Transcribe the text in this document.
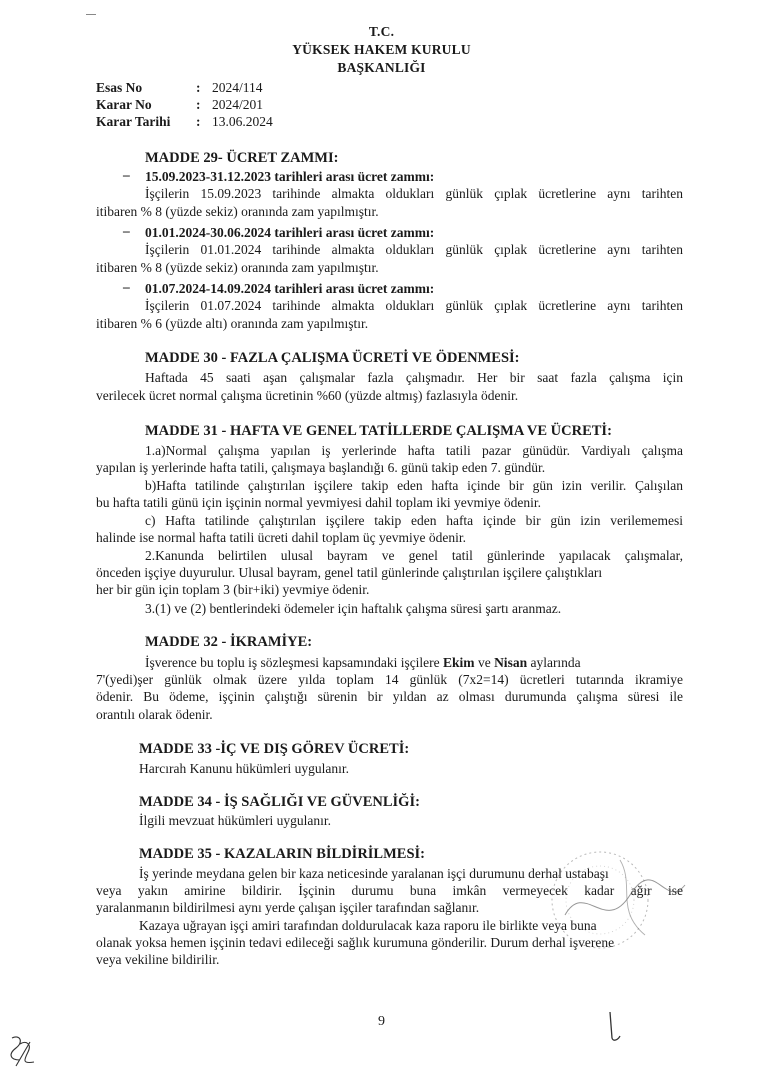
T.C.
YÜKSEK HAKEM KURULU
BAŞKANLIĞI
Esas No	: 2024/114
Karar No	: 2024/201
Karar Tarihi : 13.06.2024
MADDE 29- ÜCRET ZAMMI:
– 15.09.2023-31.12.2023 tarihleri arası ücret zammı:
İşçilerin 15.09.2023 tarihinde almakta oldukları günlük çıplak ücretlerine aynı tarihten
itibaren % 8 (yüzde sekiz) oranında zam yapılmıştır.
– 01.01.2024-30.06.2024 tarihleri arası ücret zammı:
İşçilerin 01.01.2024 tarihinde almakta oldukları günlük çıplak ücretlerine aynı tarihten
itibaren % 8 (yüzde sekiz) oranında zam yapılmıştır.
– 01.07.2024-14.09.2024 tarihleri arası ücret zammı:
İşçilerin 01.07.2024 tarihinde almakta oldukları günlük çıplak ücretlerine aynı tarihten
itibaren % 6 (yüzde altı) oranında zam yapılmıştır.
MADDE 30 - FAZLA ÇALIŞMA ÜCRETİ VE ÖDENMESİ:
Haftada 45 saati aşan çalışmalar fazla çalışmadır. Her bir saat fazla çalışma için
verilecek ücret normal çalışma ücretinin %60 (yüzde altmış) fazlasıyla ödenir.
MADDE 31 - HAFTA VE GENEL TATİLLERDE ÇALIŞMA VE ÜCRETİ:
1.a)Normal çalışma yapılan iş yerlerinde hafta tatili pazar günüdür. Vardiyalı çalışma
yapılan iş yerlerinde hafta tatili, çalışmaya başlandığı 6. günü takip eden 7. gündür.
b)Hafta tatilinde çalıştırılan işçilere takip eden hafta içinde bir gün izin verilir. Çalışılan
bu hafta tatili günü için işçinin normal yevmiyesi dahil toplam iki yevmiye ödenir.
c) Hafta tatilinde çalıştırılan işçilere takip eden hafta içinde bir gün izin verilememesi
halinde ise normal hafta tatili ücreti dahil toplam üç yevmiye ödenir.
2.Kanunda belirtilen ulusal bayram ve genel tatil günlerinde yapılacak çalışmalar,
önceden işçiye duyurulur. Ulusal bayram, genel tatil günlerinde çalıştırılan işçilere çalıştıkları
her bir gün için toplam 3 (bir+iki) yevmiye ödenir.
3.(1) ve (2) bentlerindeki ödemeler için haftalık çalışma süresi şartı aranmaz.
MADDE 32 - İKRAMİYE:
İşverence bu toplu iş sözleşmesi kapsamındaki işçilere Ekim ve Nisan aylarında
7'(yedi)şer günlük olmak üzere yılda toplam 14 günlük (7x2=14) ücretleri tutarında ikramiye
ödenir. Bu ödeme, işçinin çalıştığı sürenin bir yıldan az olması durumunda çalışma süresi ile
orantılı olarak ödenir.
MADDE 33 -İÇ VE DIŞ GÖREV ÜCRETİ:
Harcırah Kanunu hükümleri uygulanır.
MADDE 34 - İŞ SAĞLIĞI VE GÜVENLİĞİ:
İlgili mevzuat hükümleri uygulanır.
MADDE 35 - KAZALARIN BİLDİRİLMESİ:
İş yerinde meydana gelen bir kaza neticesinde yaralanan işçi durumunu derhal ustabaşı
veya yakın amirine bildirir. İşçinin durumu buna imkân vermeyecek kadar ağır ise
yaralanmanın bildirilmesi aynı yerde çalışan işçiler tarafından sağlanır.
Kazaya uğrayan işçi amiri tarafından doldurulacak kaza raporu ile birlikte veya buna
olanak yoksa hemen işçinin tedavi edileceği sağlık kurumuna gönderilir. Durum derhal işverene
veya vekiline bildirilir.
9
